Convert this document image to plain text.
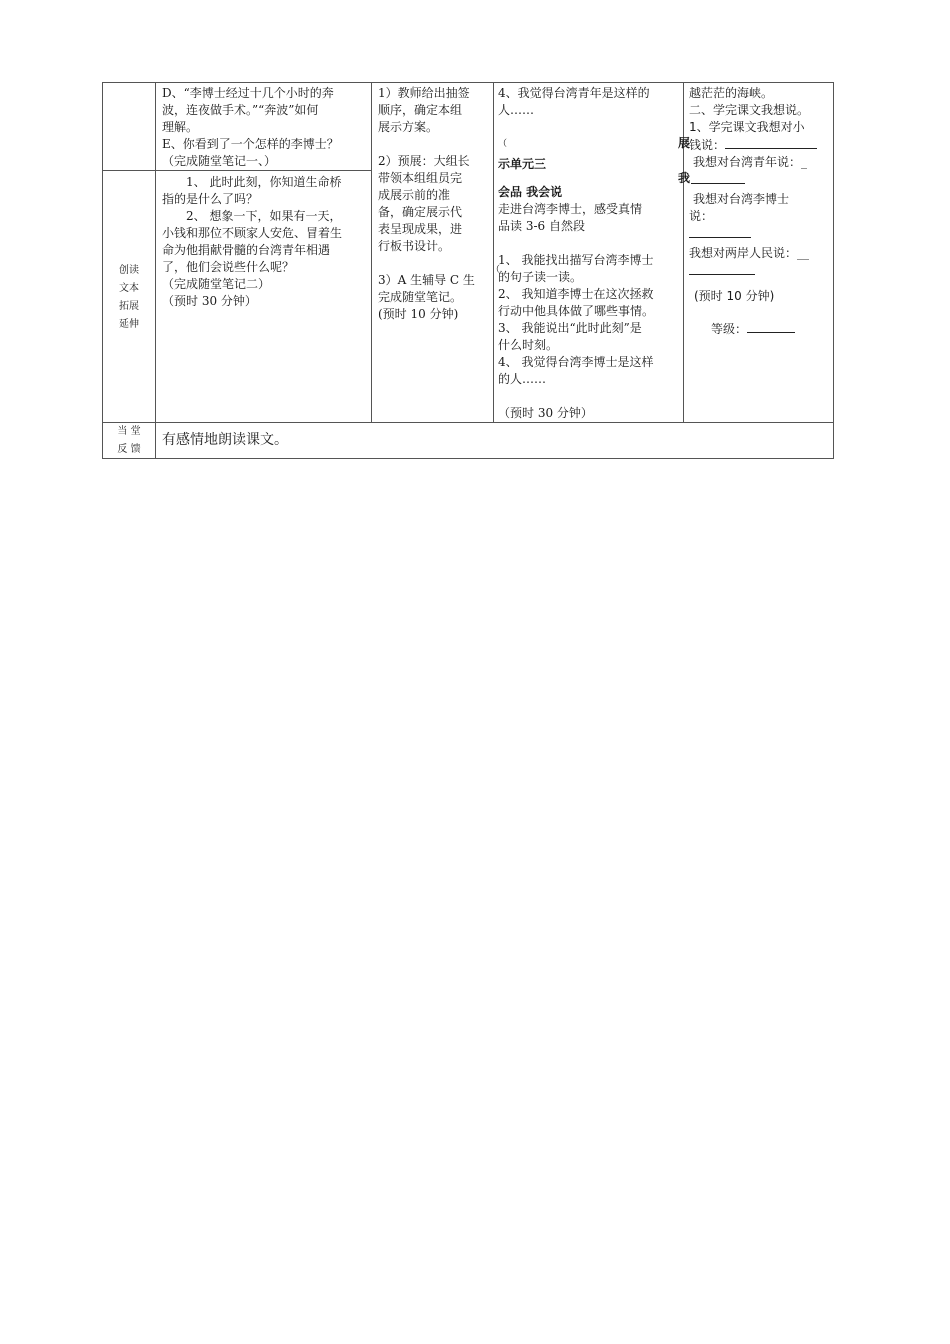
D、“李博士经过十几个小时的奔

波，连夜做手术。”“奔波”如何

理解。

E、你看到了一个怎样的李博士？

（完成随堂笔记一、）

创读
文本
拓展
延伸

　　1、 此时此刻，你知道生命桥

指的是什么了吗？

　　2、 想象一下，如果有一天，

小钱和那位不顾家人安危、冒着生

命为他捐献骨髓的台湾青年相遇

了，他们会说些什么呢？

（完成随堂笔记二）

（预时 30 分钟）

1）教师给出抽签

顺序，确定本组

展示方案。

2）预展：大组长

带领本组组员完

成展示前的准

备，确定展示代

表呈现成果，进

行板书设计。

3）A 生辅导 C 生

完成随堂笔记。

(预时 10 分钟)

4、我觉得台湾青年是这样的

人……

（

示单元三

会品 我会说

走进台湾李博士，感受真情

品读 3-6 自然段

1、 我能找出描写台湾李博士

的句子读一读。

2、 我知道李博士在这次拯救

行动中他具体做了哪些事情。

3、 我能说出“此时此刻”是

什么时刻。

4、 我觉得台湾李博士是这样

的人……

（预时 30 分钟）

（

越茫茫的海峡。

二、学完课文我想说。

1、学完课文我想对小

钱说：

我想对台湾青年说：_

我想对台湾李博士

说：

我想对两岸人民说：__

(预时 10 分钟)

等级：

展
我
当 堂
反 馈
有感情地朗读课文。
